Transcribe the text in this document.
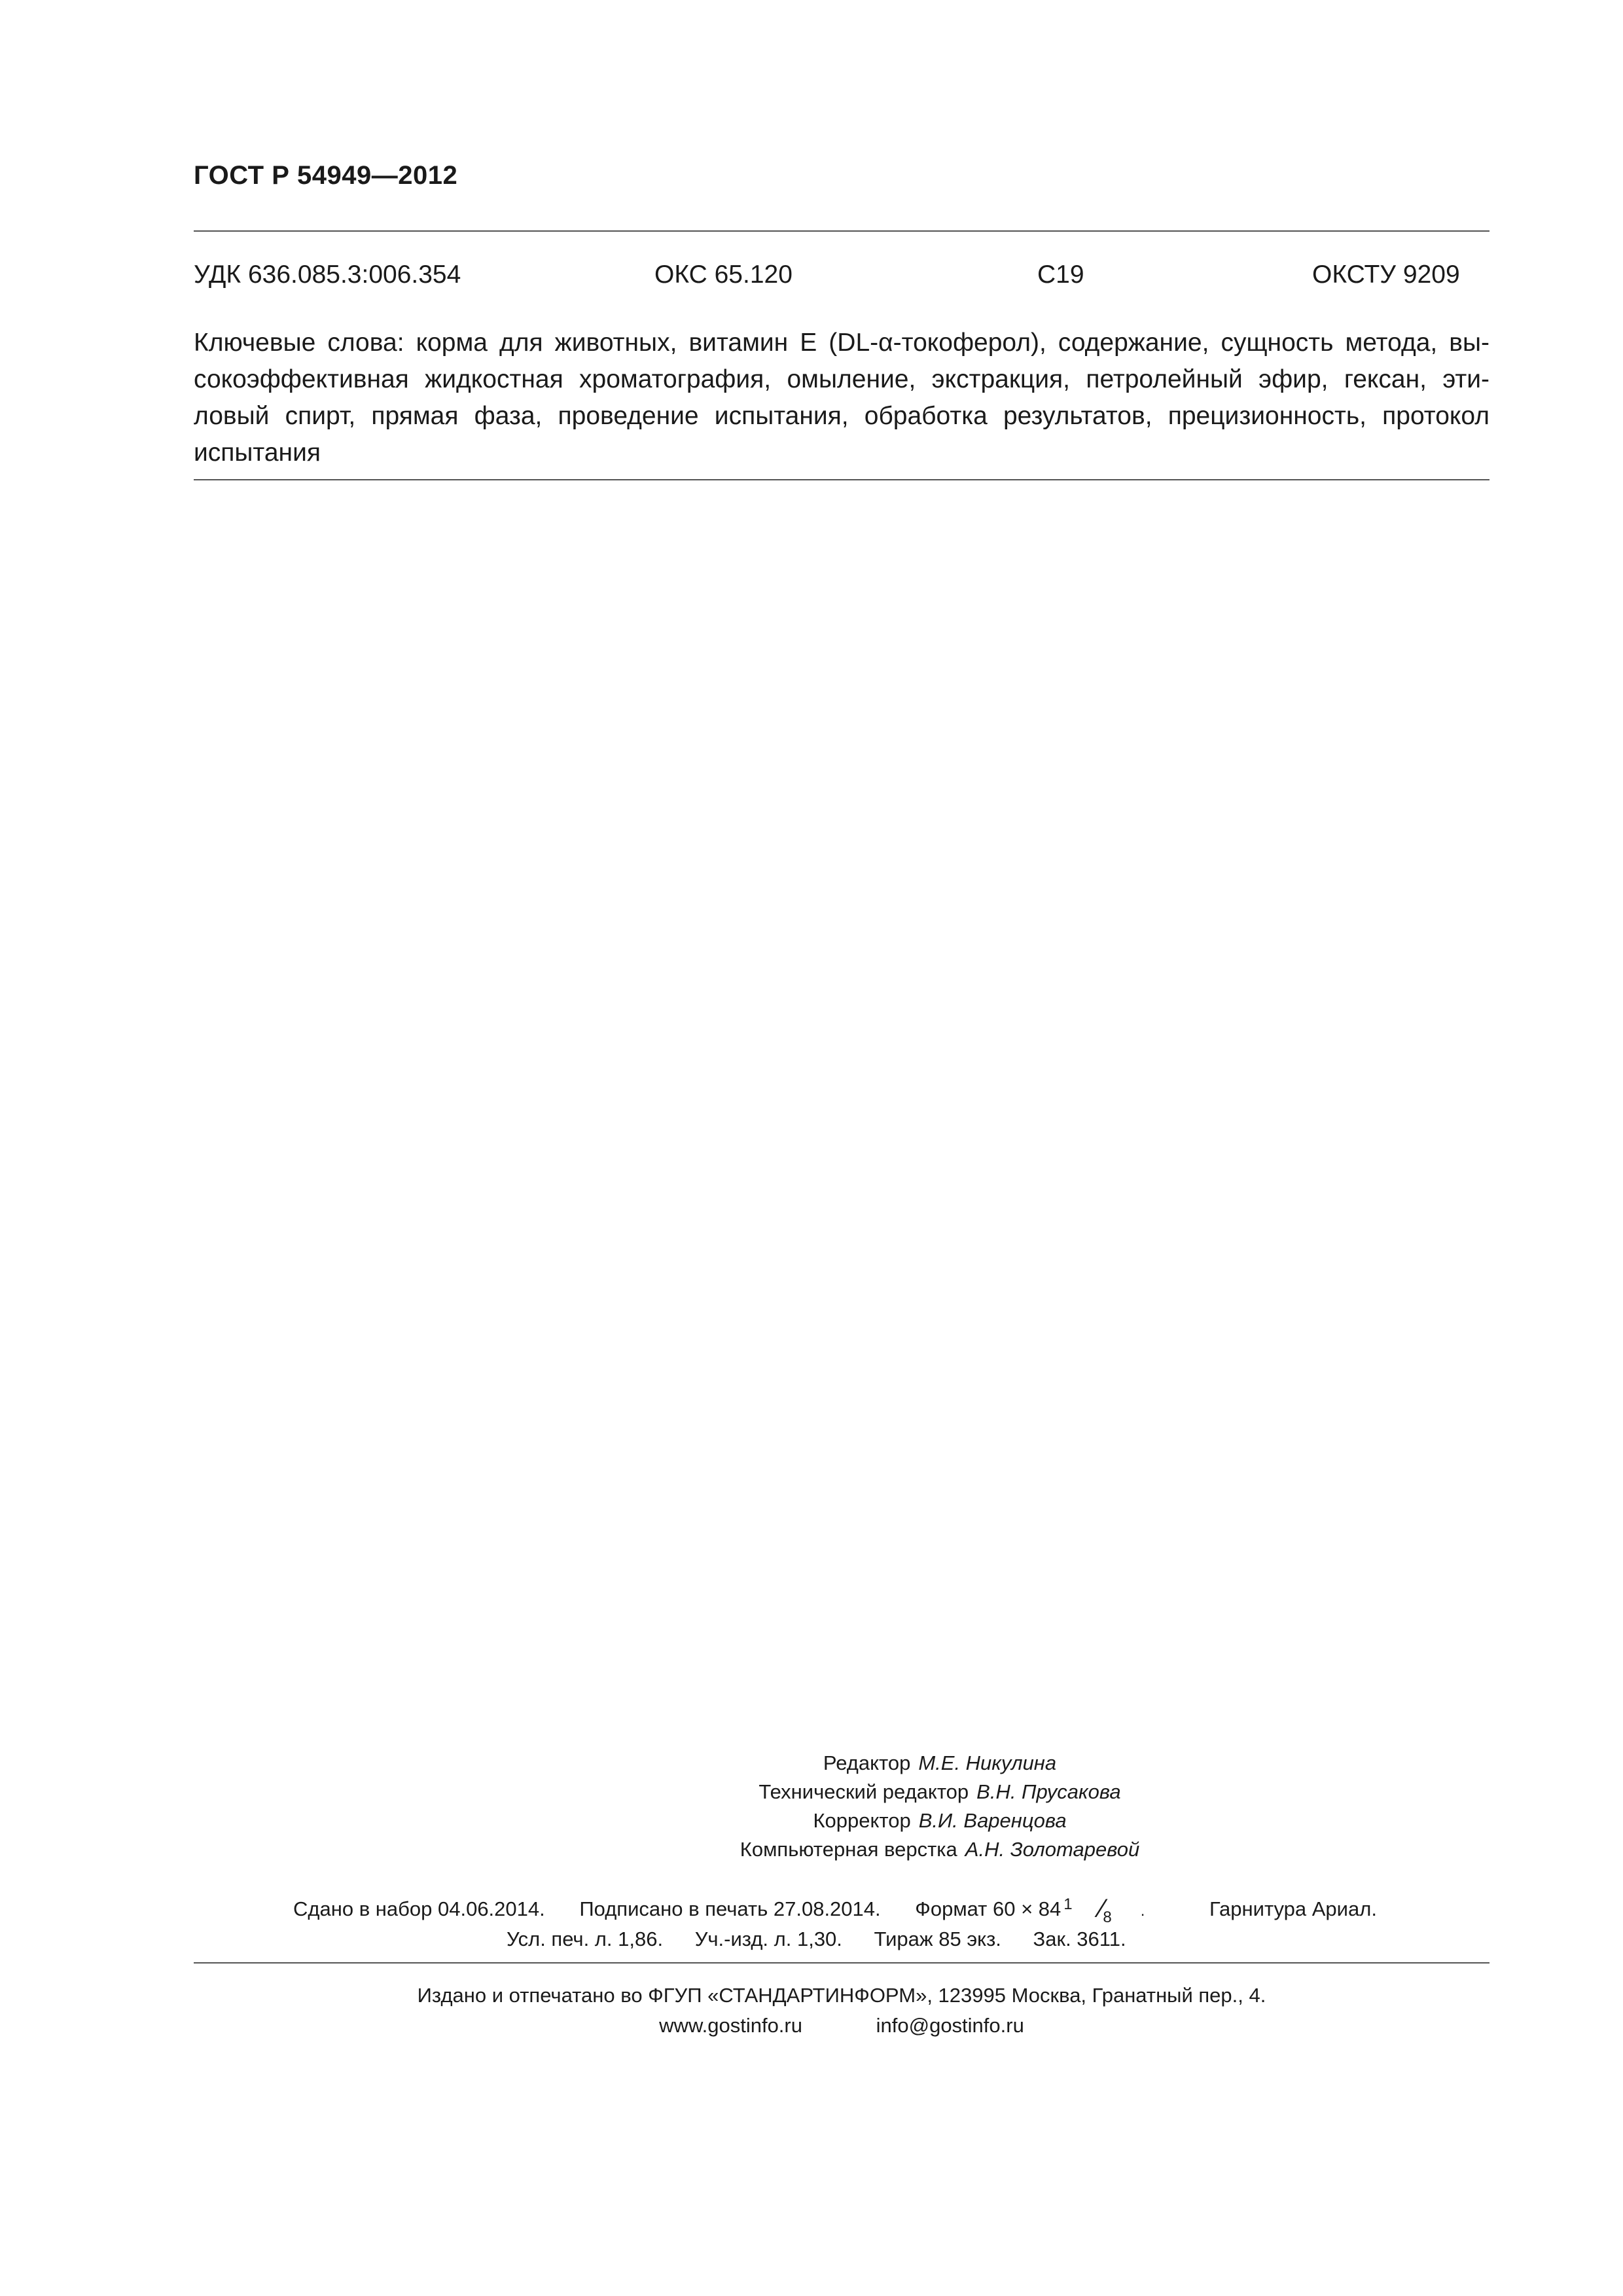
ГОСТ Р 54949—2012
УДК 636.085.3:006.354	ОКС 65.120	С19	ОКСТУ 9209
Ключевые слова: корма для животных, витамин Е (DL-α-токоферол), содержание, сущность метода, вы-
сокоэффективная жидкостная хроматография, омыление, экстракция, петролейный эфир, гексан, эти-
ловый спирт, прямая фаза, проведение испытания, обработка результатов, прецизионность, протокол
испытания
Редактор М.Е. Никулина
Технический редактор В.Н. Прусакова
Корректор В.И. Варенцова
Компьютерная верстка А.Н. Золотаревой
Сдано в набор 04.06.2014. Подписано в печать 27.08.2014. Формат 60 × 84 1 ⁄8 .	Гарнитура Ариал.
Усл. печ. л. 1,86. Уч.-изд. л. 1,30. Тираж 85 экз. Зак. 3611.
Издано и отпечатано во ФГУП «СТАНДАРТИНФОРМ», 123995 Москва, Гранатный пер., 4.
www.gostinfo.ru	info@gostinfo.ru
